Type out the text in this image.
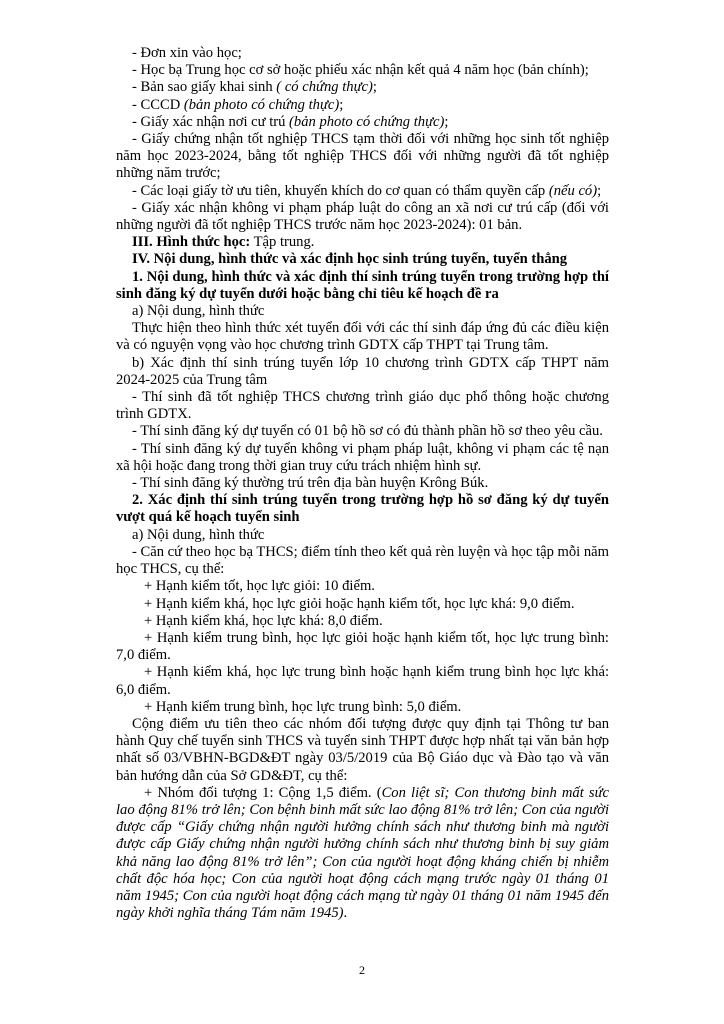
- Đơn xin vào học;

- Học bạ Trung học cơ sở hoặc phiếu xác nhận kết quả 4 năm học (bản chính);

- Bản sao giấy khai sinh ( có chứng thực);

- CCCD (bản photo có chứng thực);

- Giấy xác nhận nơi cư trú (bản photo có chứng thực);

- Giấy chứng nhận tốt nghiệp THCS tạm thời đối với những học sinh tốt nghiệp năm học 2023-2024, bằng tốt nghiệp THCS đối với những người đã tốt nghiệp những năm trước;

- Các loại giấy tờ ưu tiên, khuyến khích do cơ quan có thẩm quyền cấp (nếu có);

- Giấy xác nhận không vi phạm pháp luật do công an xã nơi cư trú cấp (đối với những người đã tốt nghiệp THCS trước năm học 2023-2024): 01 bản.

III. Hình thức học: Tập trung.

IV. Nội dung, hình thức và xác định học sinh trúng tuyển, tuyển thẳng

1. Nội dung, hình thức và xác định thí sinh trúng tuyển trong trường hợp thí sinh đăng ký dự tuyển dưới hoặc bằng chỉ tiêu kế hoạch đề ra

a) Nội dung, hình thức

Thực hiện theo hình thức xét tuyển đối với các thí sinh đáp ứng đủ các điều kiện và có nguyện vọng vào học chương trình GDTX cấp THPT tại Trung tâm.

b) Xác định thí sinh trúng tuyển lớp 10 chương trình GDTX cấp THPT năm 2024-2025 của Trung tâm

- Thí sinh đã tốt nghiệp THCS chương trình giáo dục phổ thông hoặc chương trình GDTX.

- Thí sinh đăng ký dự tuyển có 01 bộ hồ sơ có đủ thành phần hồ sơ theo yêu cầu.

- Thí sinh đăng ký dự tuyển không vi phạm pháp luật, không vi phạm các tệ nạn xã hội hoặc đang trong thời gian truy cứu trách nhiệm hình sự.

- Thí sinh đăng ký thường trú trên địa bàn huyện Krông Búk.

2. Xác định thí sinh trúng tuyển trong trường hợp hồ sơ đăng ký dự tuyển vượt quá kế hoạch tuyển sinh

a) Nội dung, hình thức

- Căn cứ theo học bạ THCS; điểm tính theo kết quả rèn luyện và học tập mỗi năm học THCS, cụ thể:

+ Hạnh kiểm tốt, học lực giỏi: 10 điểm.

+ Hạnh kiểm khá, học lực giỏi hoặc hạnh kiểm tốt, học lực khá: 9,0 điểm.

+ Hạnh kiểm khá, học lực khá: 8,0 điểm.

+ Hạnh kiểm trung bình, học lực giỏi hoặc hạnh kiểm tốt, học lực trung bình: 7,0 điểm.

+ Hạnh kiểm khá, học lực trung bình hoặc hạnh kiểm trung bình học lực khá: 6,0 điểm.

+ Hạnh kiểm trung bình, học lực trung bình: 5,0 điểm.

Cộng điểm ưu tiên theo các nhóm đối tượng được quy định tại Thông tư ban hành Quy chế tuyển sinh THCS và tuyển sinh THPT được hợp nhất tại văn bản hợp nhất số 03/VBHN-BGD&ĐT ngày 03/5/2019 của Bộ Giáo dục và Đào tạo và văn bản hướng dẫn của Sở GD&ĐT, cụ thể:

+ Nhóm đối tượng 1: Cộng 1,5 điểm. (Con liệt sĩ; Con thương binh mất sức lao động 81% trở lên; Con bệnh binh mất sức lao động 81% trở lên; Con của người được cấp “Giấy chứng nhận người hưởng chính sách như thương binh mà người được cấp Giấy chứng nhận người hưởng chính sách như thương binh bị suy giảm khả năng lao động 81% trở lên”; Con của người hoạt động kháng chiến bị nhiễm chất độc hóa học; Con của người hoạt động cách mạng trước ngày 01 tháng 01 năm 1945; Con của người hoạt động cách mạng từ ngày 01 tháng 01 năm 1945 đến ngày khởi nghĩa tháng Tám năm 1945).

2
